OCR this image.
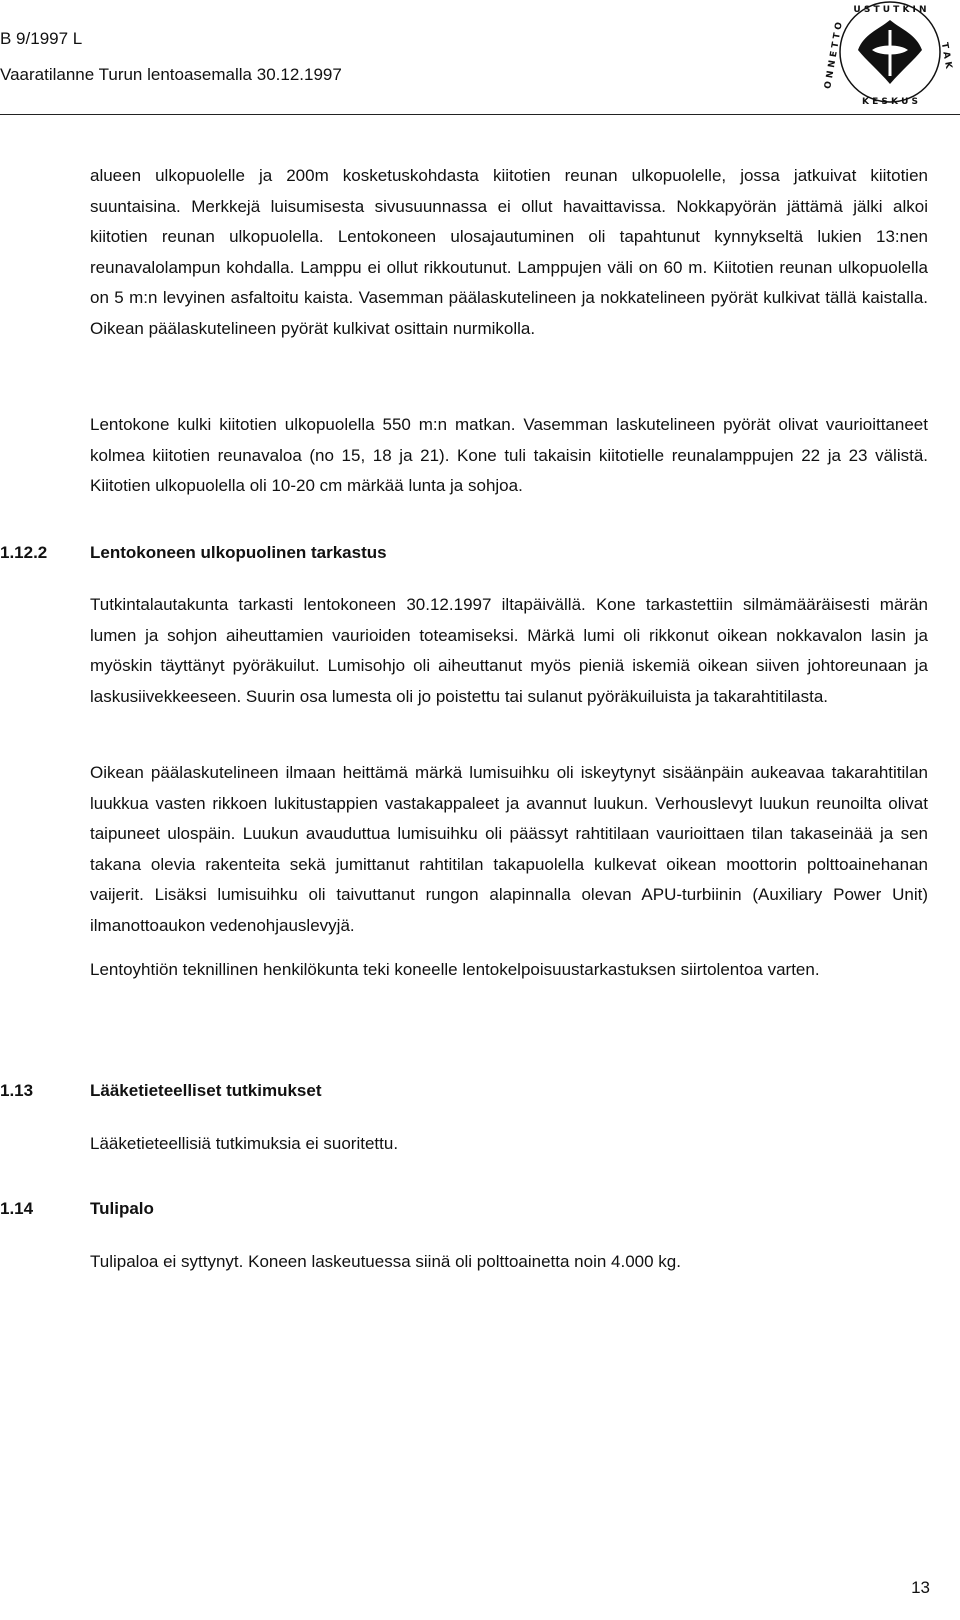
B 9/1997 L
Vaaratilanne Turun lentoasemalla 30.12.1997
U S T U T K I N
K E S K U S
O N N E T T O	T A K

alueen ulkopuolelle ja 200m kosketuskohdasta kiitotien reunan ulkopuolelle, jossa jatkuivat kiitotien suuntaisina. Merkkejä luisumisesta sivusuunnassa ei ollut havaittavissa. Nokkapyörän jättämä jälki alkoi kiitotien reunan ulkopuolella. Lentokoneen ulosajautuminen oli tapahtunut kynnykseltä lukien 13:nen reunavalolampun kohdalla. Lamppu ei ollut rikkoutunut. Lamppujen väli on 60 m. Kiitotien reunan ulkopuolella on 5 m:n levyinen asfaltoitu kaista. Vasemman päälaskutelineen ja nokkatelineen pyörät kulkivat tällä kaistalla. Oikean päälaskutelineen pyörät kulkivat osittain nurmikolla.

Lentokone kulki kiitotien ulkopuolella 550 m:n matkan. Vasemman laskutelineen pyörät olivat vaurioittaneet kolmea kiitotien reunavaloa (no 15, 18 ja 21). Kone tuli takaisin kiitotielle reunalamppujen 22 ja 23 välistä. Kiitotien ulkopuolella oli 10-20 cm märkää lunta ja sohjoa.

1.12.2	Lentokoneen ulkopuolinen tarkastus

Tutkintalautakunta tarkasti lentokoneen 30.12.1997 iltapäivällä. Kone tarkastettiin silmämääräisesti märän lumen ja sohjon aiheuttamien vaurioiden toteamiseksi. Märkä lumi oli rikkonut oikean nokkavalon lasin ja myöskin täyttänyt pyöräkuilut. Lumisohjo oli aiheuttanut myös pieniä iskemiä oikean siiven johtoreunaan ja laskusiivekkeeseen. Suurin osa lumesta oli jo poistettu tai sulanut pyöräkuiluista ja takarahtitilasta.

Oikean päälaskutelineen ilmaan heittämä märkä lumisuihku oli iskeytynyt sisäänpäin aukeavaa takarahtitilan luukkua vasten rikkoen lukitustappien vastakappaleet ja avannut luukun. Verhouslevyt luukun reunoilta olivat taipuneet ulospäin. Luukun avauduttua lumisuihku oli päässyt rahtitilaan vaurioittaen tilan takaseinää ja sen takana olevia rakenteita sekä jumittanut rahtitilan takapuolella kulkevat oikean moottorin polttoainehanan vaijerit. Lisäksi lumisuihku oli taivuttanut rungon alapinnalla olevan APU-turbiinin (Auxiliary Power Unit) ilmanottoaukon vedenohjauslevyjä.

Lentoyhtiön teknillinen henkilökunta teki koneelle lentokelpoisuustarkastuksen siirtolentoa varten.

1.13	Lääketieteelliset tutkimukset

Lääketieteellisiä tutkimuksia ei suoritettu.

1.14	Tulipalo

Tulipaloa ei syttynyt. Koneen laskeutuessa siinä oli polttoainetta noin 4.000 kg.

13
